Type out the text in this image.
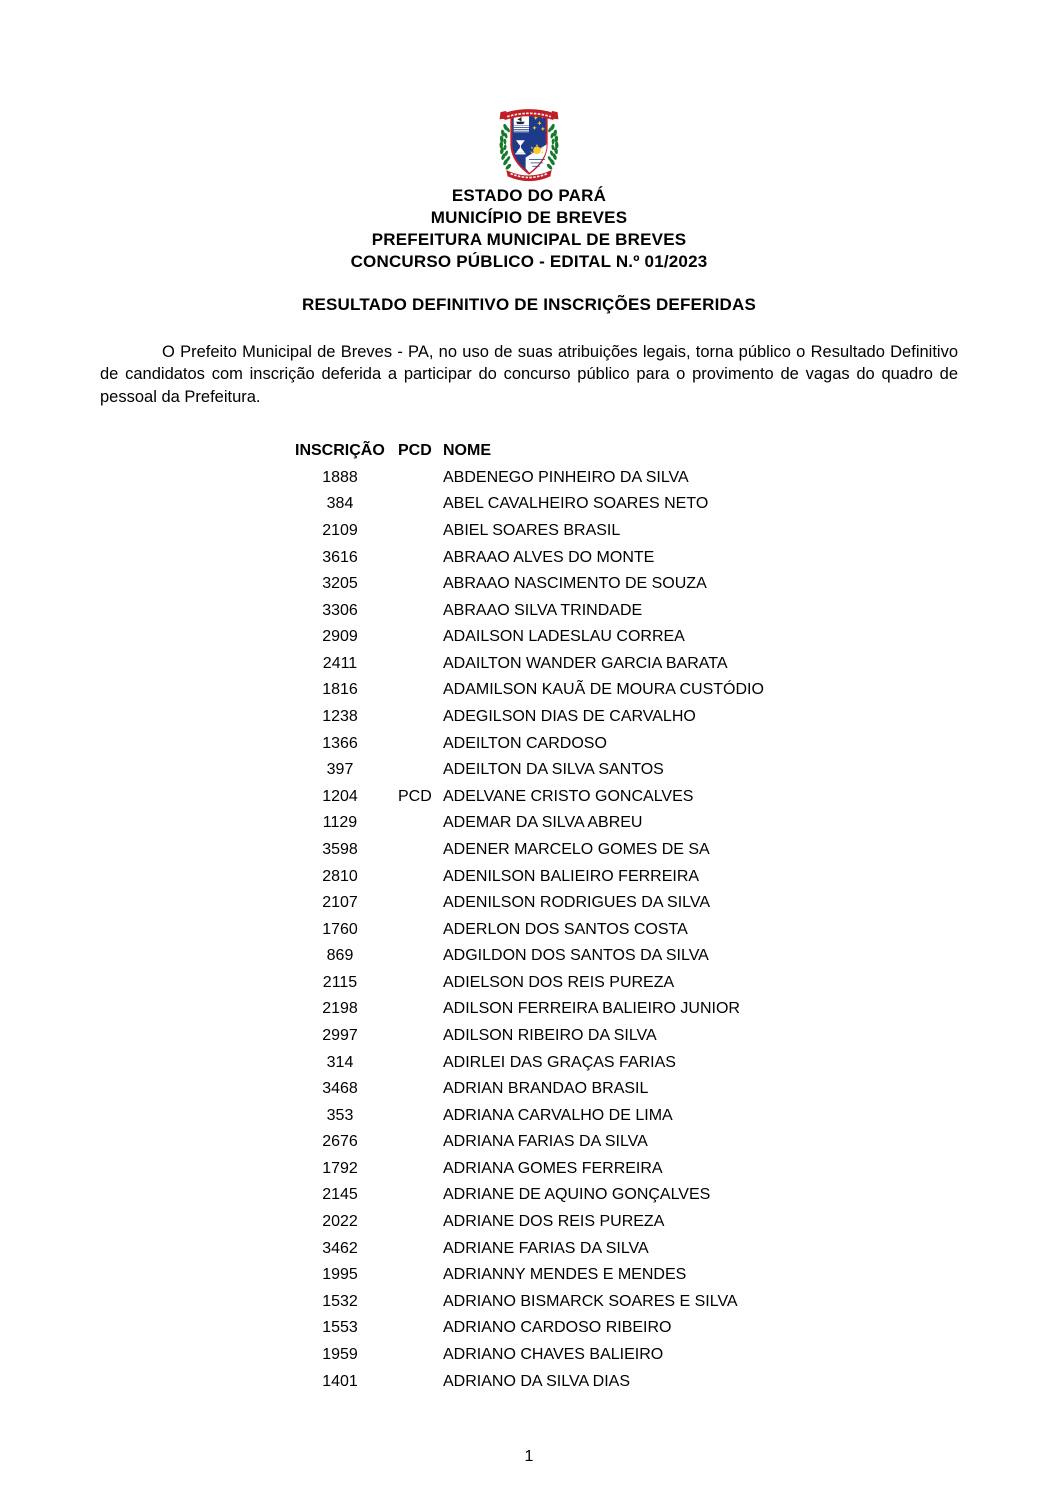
ESTADO DO PARÁ
MUNICÍPIO DE BREVES
PREFEITURA MUNICIPAL DE BREVES
CONCURSO PÚBLICO - EDITAL N.º 01/2023
RESULTADO DEFINITIVO DE INSCRIÇÕES DEFERIDAS

O Prefeito Municipal de Breves - PA, no uso de suas atribuições legais, torna público o Resultado Definitivo de candidatos com inscrição deferida a participar do concurso público para o provimento de vagas do quadro de pessoal da Prefeitura.

INSCRIÇÃO PCD NOME
1888	ABDENEGO PINHEIRO DA SILVA
384	ABEL CAVALHEIRO SOARES NETO
2109	ABIEL SOARES BRASIL
3616	ABRAAO ALVES DO MONTE
3205	ABRAAO NASCIMENTO DE SOUZA
3306	ABRAAO SILVA TRINDADE
2909	ADAILSON LADESLAU CORREA
2411	ADAILTON WANDER GARCIA BARATA
1816	ADAMILSON KAUÃ DE MOURA CUSTÓDIO
1238	ADEGILSON DIAS DE CARVALHO
1366	ADEILTON CARDOSO
397	ADEILTON DA SILVA SANTOS
1204	PCD ADELVANE CRISTO GONCALVES
1129	ADEMAR DA SILVA ABREU
3598	ADENER MARCELO GOMES DE SA
2810	ADENILSON BALIEIRO FERREIRA
2107	ADENILSON RODRIGUES DA SILVA
1760	ADERLON DOS SANTOS COSTA
869	ADGILDON DOS SANTOS DA SILVA
2115	ADIELSON DOS REIS PUREZA
2198	ADILSON FERREIRA BALIEIRO JUNIOR
2997	ADILSON RIBEIRO DA SILVA
314	ADIRLEI DAS GRAÇAS FARIAS
3468	ADRIAN BRANDAO BRASIL
353	ADRIANA CARVALHO DE LIMA
2676	ADRIANA FARIAS DA SILVA
1792	ADRIANA GOMES FERREIRA
2145	ADRIANE DE AQUINO GONÇALVES
2022	ADRIANE DOS REIS PUREZA
3462	ADRIANE FARIAS DA SILVA
1995	ADRIANNY MENDES E MENDES
1532	ADRIANO BISMARCK SOARES E SILVA
1553	ADRIANO CARDOSO RIBEIRO
1959	ADRIANO CHAVES BALIEIRO
1401	ADRIANO DA SILVA DIAS
1
